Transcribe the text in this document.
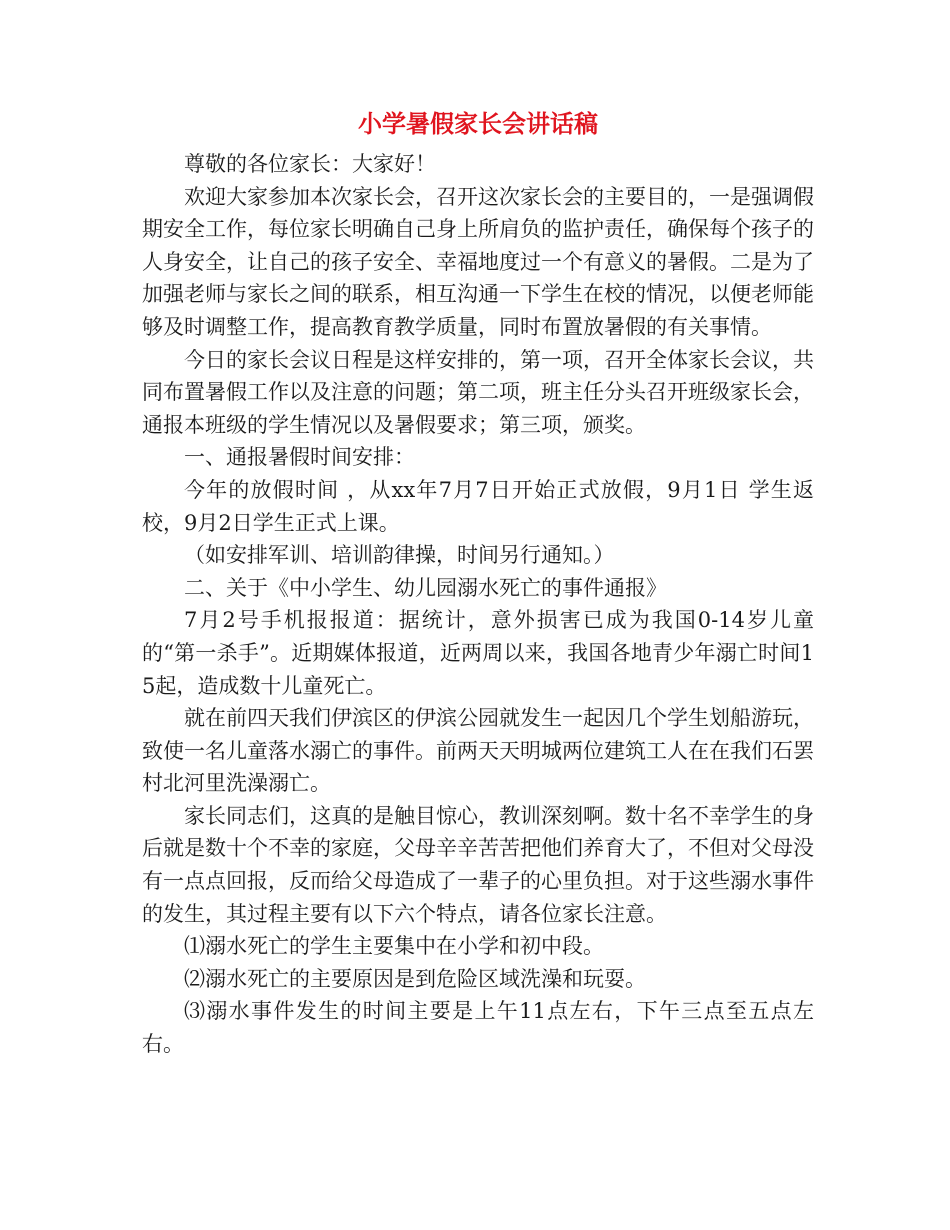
小学暑假家长会讲话稿

尊敬的各位家长：大家好！

欢迎大家参加本次家长会，召开这次家长会的主要目的，一是强调假期安全工作，每位家长明确自己身上所肩负的监护责任，确保每个孩子的人身安全，让自己的孩子安全、幸福地度过一个有意义的暑假。二是为了加强老师与家长之间的联系，相互沟通一下学生在校的情况，以便老师能够及时调整工作，提高教育教学质量，同时布置放暑假的有关事情。

今日的家长会议日程是这样安排的，第一项，召开全体家长会议，共同布置暑假工作以及注意的问题；第二项，班主任分头召开班级家长会，通报本班级的学生情况以及暑假要求；第三项，颁奖。

一、通报暑假时间安排：

今年的放假时间 ，从xx年7月7日开始正式放假，9月1日 学生返校，9月2日学生正式上课。

（如安排军训、培训韵律操，时间另行通知。）

二、关于《中小学生、幼儿园溺水死亡的事件通报》

7月2号手机报报道：据统计，意外损害已成为我国0-14岁儿童的“第一杀手”。近期媒体报道，近两周以来，我国各地青少年溺亡时间15起，造成数十儿童死亡。

就在前四天我们伊滨区的伊滨公园就发生一起因几个学生划船游玩，致使一名儿童落水溺亡的事件。前两天天明城两位建筑工人在在我们石罢村北河里洗澡溺亡。

家长同志们，这真的是触目惊心，教训深刻啊。数十名不幸学生的身后就是数十个不幸的家庭，父母辛辛苦苦把他们养育大了，不但对父母没有一点点回报，反而给父母造成了一辈子的心里负担。对于这些溺水事件的发生，其过程主要有以下六个特点，请各位家长注意。

⑴溺水死亡的学生主要集中在小学和初中段。

⑵溺水死亡的主要原因是到危险区域洗澡和玩耍。

⑶溺水事件发生的时间主要是上午11点左右，下午三点至五点左右。
